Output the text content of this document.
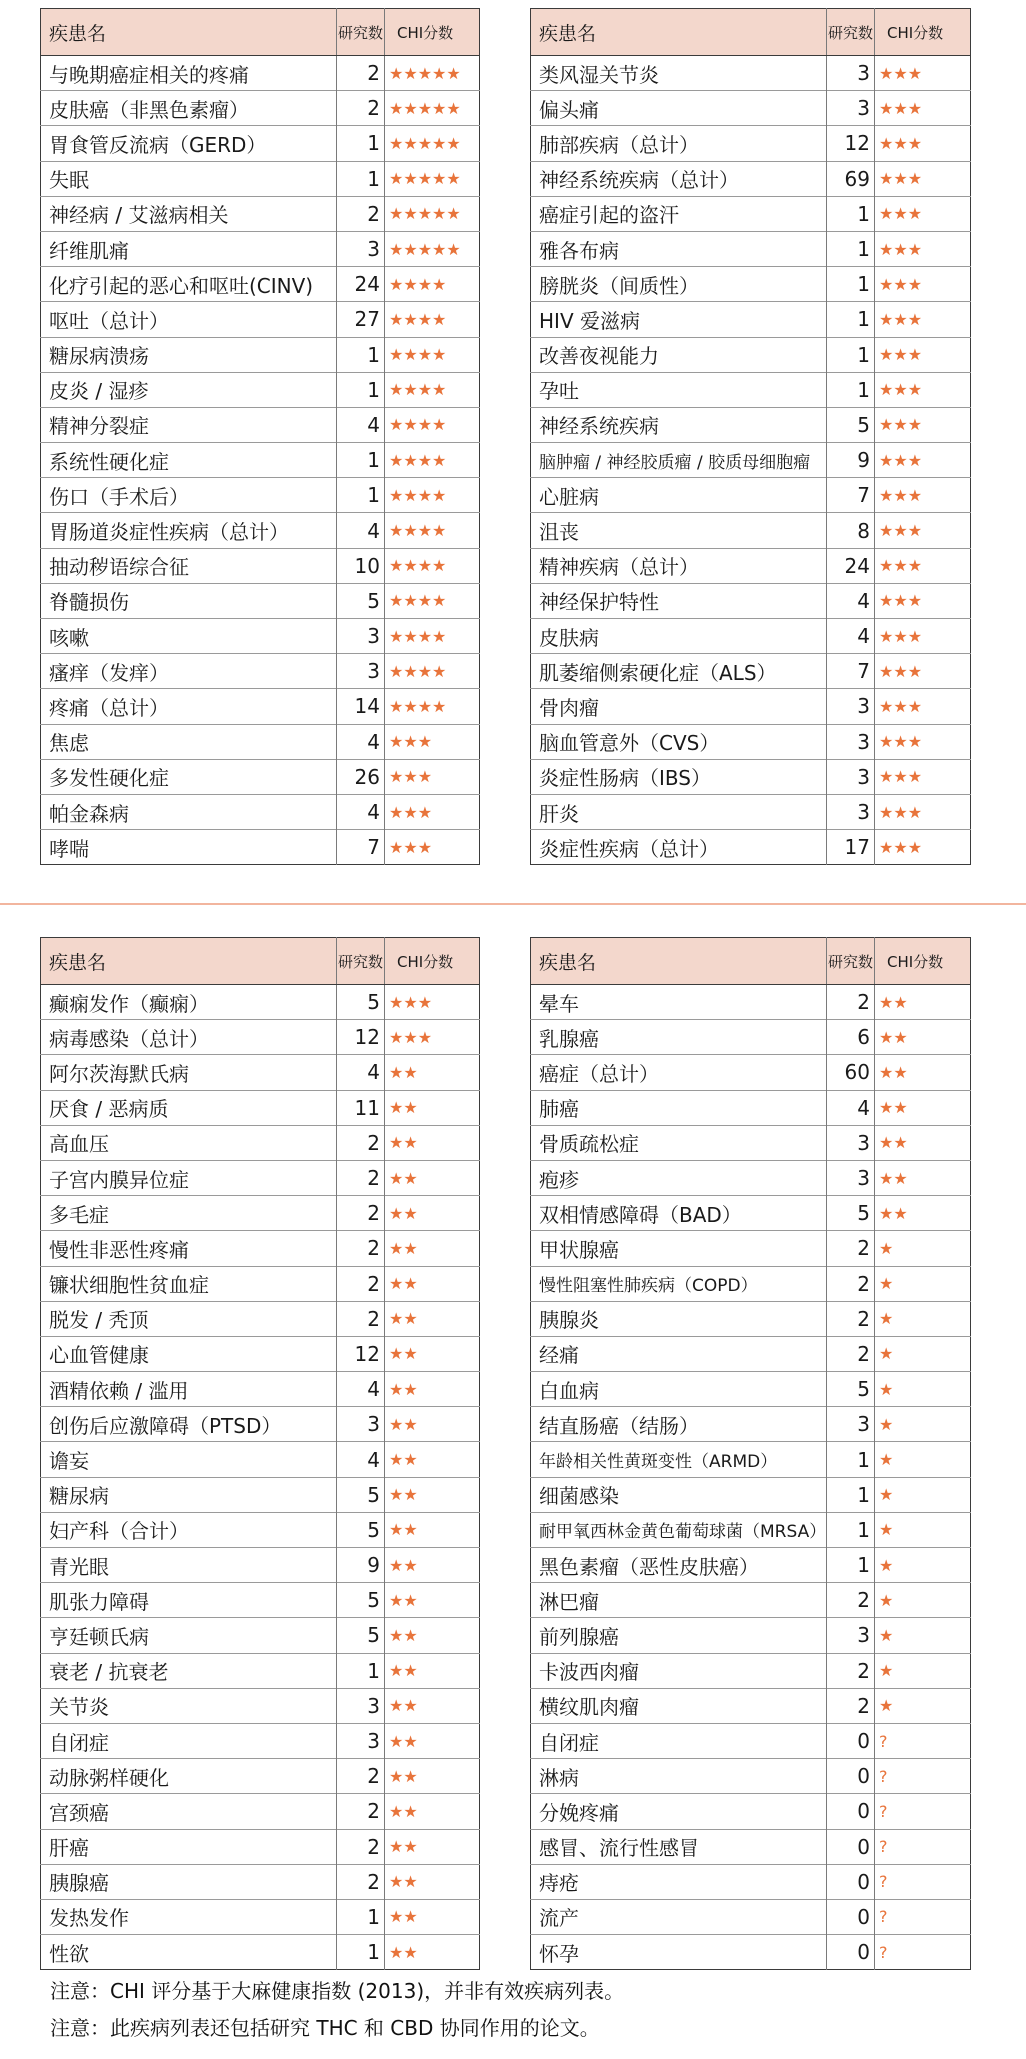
疾患名	研究数	CHI分数
与晚期癌症相关的疼痛	2	★★★★★
皮肤癌（非黑色素瘤）	2	★★★★★
胃食管反流病（GERD）	1	★★★★★
失眠	1	★★★★★
神经病 / 艾滋病相关	2	★★★★★
纤维肌痛	3	★★★★★
化疗引起的恶心和呕吐(CINV)	24	★★★★
呕吐（总计）	27	★★★★
糖尿病溃疡	1	★★★★
皮炎 / 湿疹	1	★★★★
精神分裂症	4	★★★★
系统性硬化症	1	★★★★
伤口（手术后）	1	★★★★
胃肠道炎症性疾病（总计）	4	★★★★
抽动秽语综合征	10	★★★★
脊髓损伤	5	★★★★
咳嗽	3	★★★★
瘙痒（发痒）	3	★★★★
疼痛（总计）	14	★★★★
焦虑	4	★★★
多发性硬化症	26	★★★
帕金森病	4	★★★
哮喘	7	★★★
疾患名	研究数	CHI分数
类风湿关节炎	3	★★★
偏头痛	3	★★★
肺部疾病（总计）	12	★★★
神经系统疾病（总计）	69	★★★
癌症引起的盗汗	1	★★★
雅各布病	1	★★★
膀胱炎（间质性）	1	★★★
HIV 爱滋病	1	★★★
改善夜视能力	1	★★★
孕吐	1	★★★
神经系统疾病	5	★★★
脑肿瘤 / 神经胶质瘤 / 胶质母细胞瘤	9	★★★
心脏病	7	★★★
沮丧	8	★★★
精神疾病（总计）	24	★★★
神经保护特性	4	★★★
皮肤病	4	★★★
肌萎缩侧索硬化症（ALS）	7	★★★
骨肉瘤	3	★★★
脑血管意外（CVS）	3	★★★
炎症性肠病（IBS）	3	★★★
肝炎	3	★★★
炎症性疾病（总计）	17	★★★
疾患名	研究数	CHI分数
癫痫发作（癫痫）	5	★★★
病毒感染（总计）	12	★★★
阿尔茨海默氏病	4	★★
厌食 / 恶病质	11	★★
高血压	2	★★
子宫内膜异位症	2	★★
多毛症	2	★★
慢性非恶性疼痛	2	★★
镰状细胞性贫血症	2	★★
脱发 / 秃顶	2	★★
心血管健康	12	★★
酒精依赖 / 滥用	4	★★
创伤后应激障碍（PTSD）	3	★★
谵妄	4	★★
糖尿病	5	★★
妇产科（合计）	5	★★
青光眼	9	★★
肌张力障碍	5	★★
亨廷顿氏病	5	★★
衰老 / 抗衰老	1	★★
关节炎	3	★★
自闭症	3	★★
动脉粥样硬化	2	★★
宫颈癌	2	★★
肝癌	2	★★
胰腺癌	2	★★
发热发作	1	★★
性欲	1	★★
疾患名	研究数	CHI分数
晕车	2	★★
乳腺癌	6	★★
癌症（总计）	60	★★
肺癌	4	★★
骨质疏松症	3	★★
疱疹	3	★★
双相情感障碍（BAD）	5	★★
甲状腺癌	2	★
慢性阻塞性肺疾病（COPD）	2	★
胰腺炎	2	★
经痛	2	★
白血病	5	★
结直肠癌（结肠）	3	★
年龄相关性黄斑变性（ARMD）	1	★
细菌感染	1	★
耐甲氧西林金黄色葡萄球菌（MRSA）	1	★
黑色素瘤（恶性皮肤癌）	1	★
淋巴瘤	2	★
前列腺癌	3	★
卡波西肉瘤	2	★
横纹肌肉瘤	2	★
自闭症	0	?
淋病	0	?
分娩疼痛	0	?
感冒、流行性感冒	0	?
痔疮	0	?
流产	0	?
怀孕	0	?
注意：CHI 评分基于大麻健康指数 (2013)，并非有效疾病列表。
注意：此疾病列表还包括研究 THC 和 CBD 协同作用的论文。
